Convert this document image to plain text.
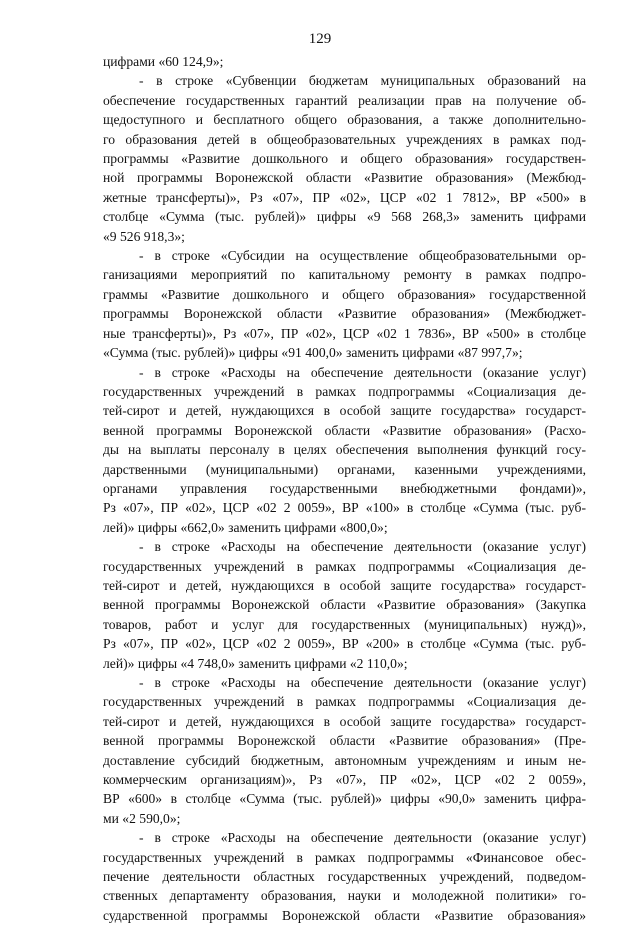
129
цифрами «60 124,9»;
- в строке «Субвенции бюджетам муниципальных образований на
обеспечение государственных гарантий реализации прав на получение об-
щедоступного и бесплатного общего образования, а также дополнительно-
го образования детей в общеобразовательных учреждениях в рамках под-
программы «Развитие дошкольного и общего образования» государствен-
ной программы Воронежской области «Развитие образования» (Межбюд-
жетные трансферты)», Рз «07», ПР «02», ЦСР «02 1 7812», ВР «500» в
столбце «Сумма (тыс. рублей)» цифры «9 568 268,3» заменить цифрами
«9 526 918,3»;
- в строке «Субсидии на осуществление общеобразовательными ор-
ганизациями мероприятий по капитальному ремонту в рамках подпро-
граммы «Развитие дошкольного и общего образования» государственной
программы Воронежской области «Развитие образования» (Межбюджет-
ные трансферты)», Рз «07», ПР «02», ЦСР «02 1 7836», ВР «500» в столбце
«Сумма (тыс. рублей)» цифры «91 400,0» заменить цифрами «87 997,7»;
- в строке «Расходы на обеспечение деятельности (оказание услуг)
государственных учреждений в рамках подпрограммы «Социализация де-
тей-сирот и детей, нуждающихся в особой защите государства» государст-
венной программы Воронежской области «Развитие образования» (Расхо-
ды на выплаты персоналу в целях обеспечения выполнения функций госу-
дарственными (муниципальными) органами, казенными учреждениями,
органами управления государственными внебюджетными фондами)»,
Рз «07», ПР «02», ЦСР «02 2 0059», ВР «100» в столбце «Сумма (тыс. руб-
лей)» цифры «662,0» заменить цифрами «800,0»;
- в строке «Расходы на обеспечение деятельности (оказание услуг)
государственных учреждений в рамках подпрограммы «Социализация де-
тей-сирот и детей, нуждающихся в особой защите государства» государст-
венной программы Воронежской области «Развитие образования» (Закупка
товаров, работ и услуг для государственных (муниципальных) нужд)»,
Рз «07», ПР «02», ЦСР «02 2 0059», ВР «200» в столбце «Сумма (тыс. руб-
лей)» цифры «4 748,0» заменить цифрами «2 110,0»;
- в строке «Расходы на обеспечение деятельности (оказание услуг)
государственных учреждений в рамках подпрограммы «Социализация де-
тей-сирот и детей, нуждающихся в особой защите государства» государст-
венной программы Воронежской области «Развитие образования» (Пре-
доставление субсидий бюджетным, автономным учреждениям и иным не-
коммерческим организациям)», Рз «07», ПР «02», ЦСР «02 2 0059»,
ВР «600» в столбце «Сумма (тыс. рублей)» цифры «90,0» заменить цифра-
ми «2 590,0»;
- в строке «Расходы на обеспечение деятельности (оказание услуг)
государственных учреждений в рамках подпрограммы «Финансовое обес-
печение деятельности областных государственных учреждений, подведом-
ственных департаменту образования, науки и молодежной политики» го-
сударственной программы Воронежской области «Развитие образования»
